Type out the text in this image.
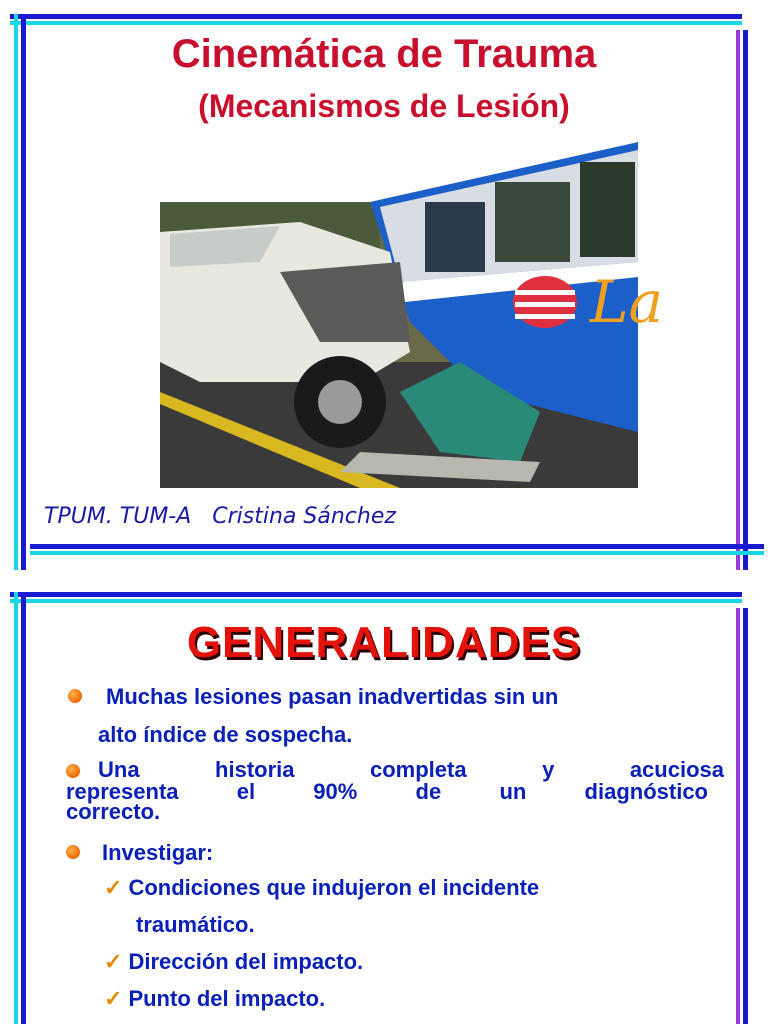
Cinemática de Trauma
(Mecanismos de Lesión)
La

TPUM. TUM-A   Cristina Sánchez

GENERALIDADES

Muchas lesiones pasan inadvertidas sin un

alto índice de sospecha.

Una historia completa y acuciosa

representa el 90% de un diagnóstico

correcto.

Investigar:

✓ Condiciones que indujeron el incidente

traumático.

✓ Dirección del impacto.

✓ Punto del impacto.
